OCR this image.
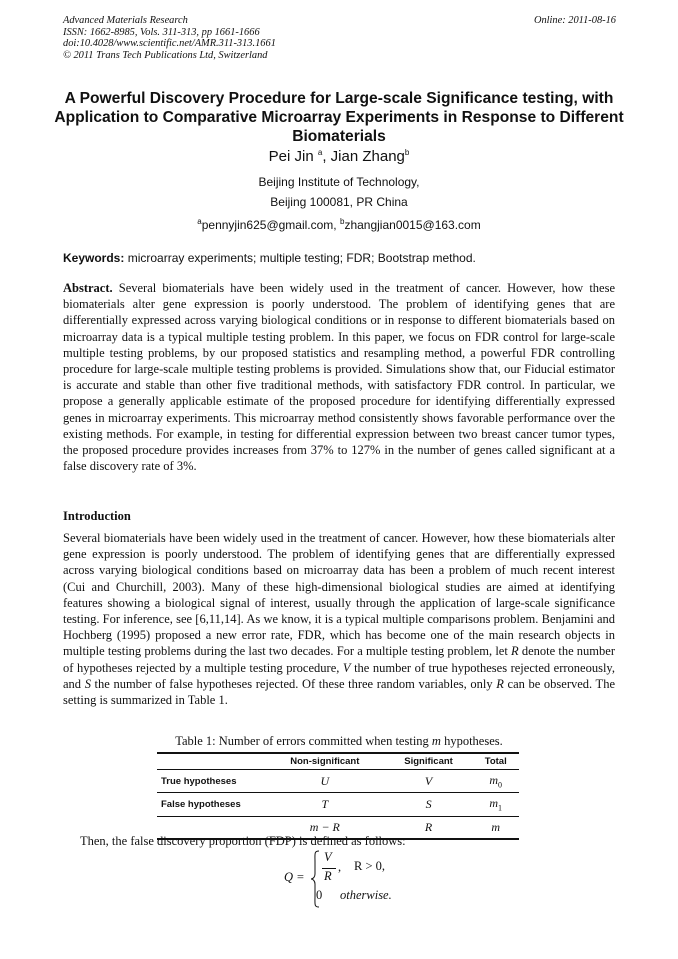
Advanced Materials Research
ISSN: 1662-8985, Vols. 311-313, pp 1661-1666
doi:10.4028/www.scientific.net/AMR.311-313.1661
© 2011 Trans Tech Publications Ltd, Switzerland
Online: 2011-08-16
A Powerful Discovery Procedure for Large-scale Significance testing, with Application to Comparative Microarray Experiments in Response to Different Biomaterials
Pei Jin $^a$, Jian Zhang$^b$
Beijing Institute of Technology,
Beijing 100081, PR China
$^a$pennyjin625@gmail.com, $^b$zhangjian0015@163.com
Keywords: microarray experiments; multiple testing; FDR; Bootstrap method.
Abstract. Several biomaterials have been widely used in the treatment of cancer. However, how these biomaterials alter gene expression is poorly understood. The problem of identifying genes that are differentially expressed across varying biological conditions or in response to different biomaterials based on microarray data is a typical multiple testing problem. In this paper, we focus on FDR control for large-scale multiple testing problems, by our proposed statistics and resampling method, a powerful FDR controlling procedure for large-scale multiple testing problems is provided. Simulations show that, our Fiducial estimator is accurate and stable than other five traditional methods, with satisfactory FDR control. In particular, we propose a generally applicable estimate of the proposed procedure for identifying differentially expressed genes in microarray experiments. This microarray method consistently shows favorable performance over the existing methods. For example, in testing for differential expression between two breast cancer tumor types, the proposed procedure provides increases from 37% to 127% in the number of genes called significant at a false discovery rate of 3%.
Introduction
Several biomaterials have been widely used in the treatment of cancer. However, how these biomaterials alter gene expression is poorly understood. The problem of identifying genes that are differentially expressed across varying biological conditions based on microarray data has been a problem of much recent interest (Cui and Churchill, 2003). Many of these high-dimensional biological studies are aimed at identifying features showing a biological signal of interest, usually through the application of large-scale significance testing. For inference, see [6,11,14]. As we know, it is a typical multiple comparisons problem. Benjamini and Hochberg (1995) proposed a new error rate, FDR, which has become one of the main research objects in multiple testing problems during the last two decades. For a multiple testing problem, let R denote the number of hypotheses rejected by a multiple testing procedure, V the number of true hypotheses rejected erroneously, and S the number of false hypotheses rejected. Of these three random variables, only R can be observed. The setting is summarized in Table 1.
Table 1: Number of errors committed when testing m hypotheses.
	Non-significant	Significant	Total
True hypotheses	U	V	$m_0$
False hypotheses	T	S	$m_1$
	m − R	R	m
Then, the false discovery proportion (FDP) is defined as follows:
Q =
V
R
, R > 0,
0 otherwise.
